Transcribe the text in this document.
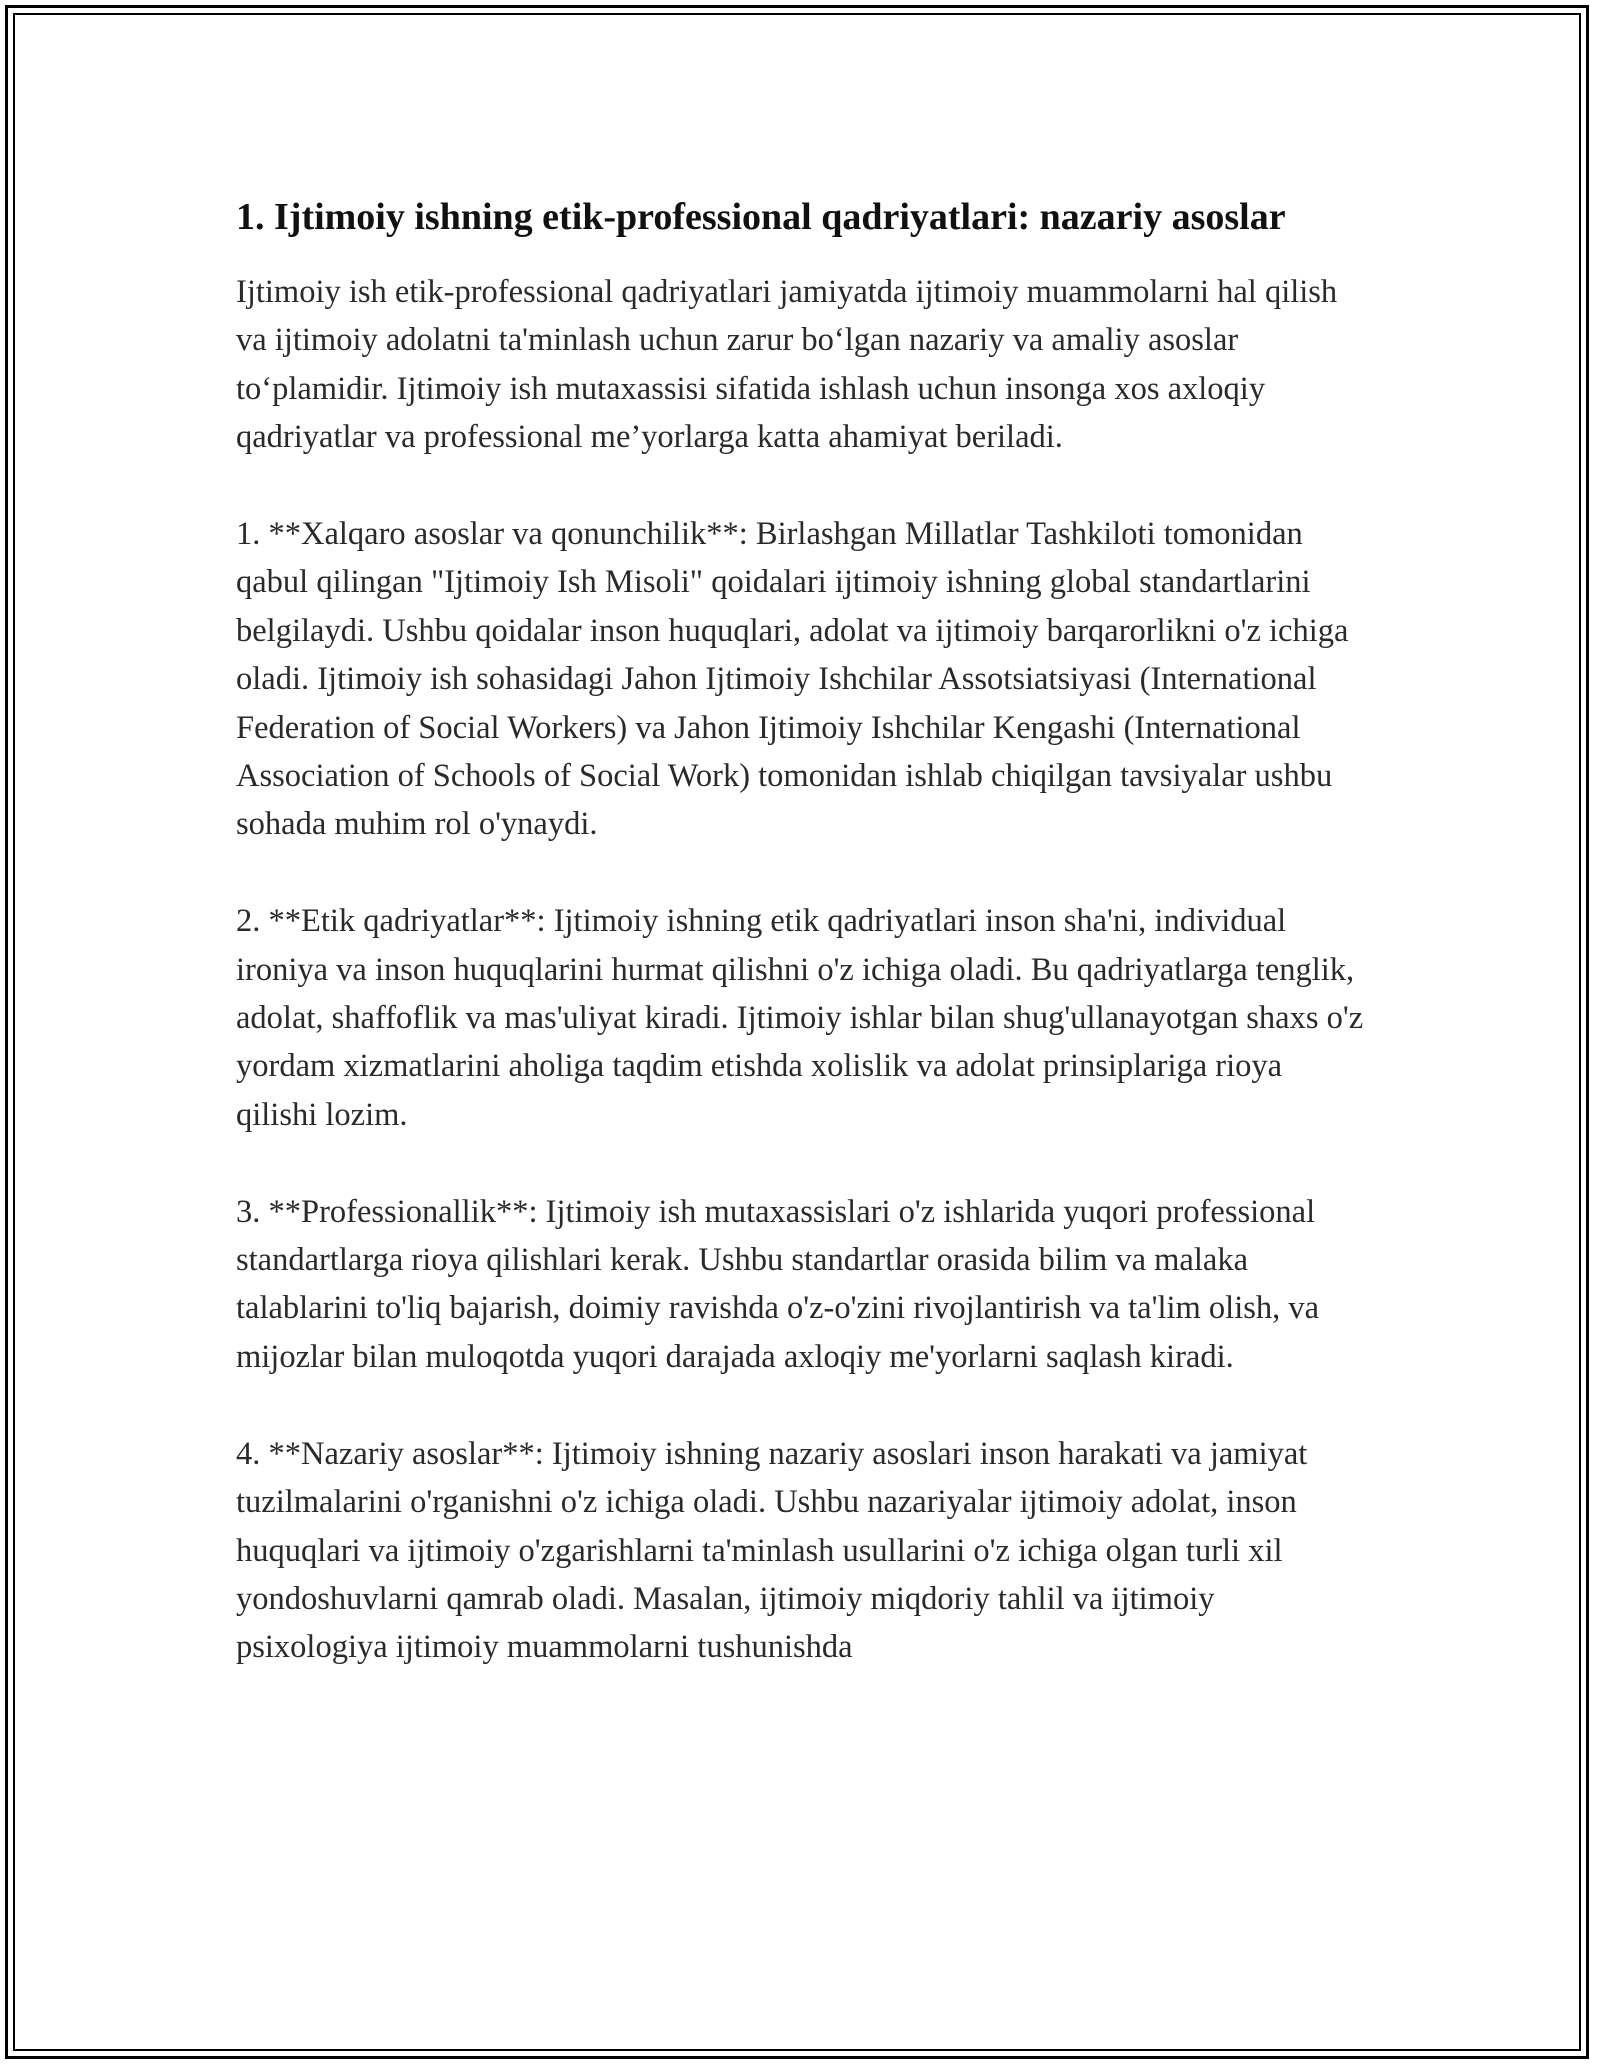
1. Ijtimoiy ishning etik-professional qadriyatlari: nazariy asoslar

Ijtimoiy ish etik-professional qadriyatlari jamiyatda ijtimoiy muammolarni hal qilish va ijtimoiy adolatni ta'minlash uchun zarur bo‘lgan nazariy va amaliy asoslar to‘plamidir. Ijtimoiy ish mutaxassisi sifatida ishlash uchun insonga xos axloqiy qadriyatlar va professional me’yorlarga katta ahamiyat beriladi.

1. **Xalqaro asoslar va qonunchilik**: Birlashgan Millatlar Tashkiloti tomonidan qabul qilingan "Ijtimoiy Ish Misoli" qoidalari ijtimoiy ishning global standartlarini belgilaydi. Ushbu qoidalar inson huquqlari, adolat va ijtimoiy barqarorlikni o'z ichiga oladi. Ijtimoiy ish sohasidagi Jahon Ijtimoiy Ishchilar Assotsiatsiyasi (International Federation of Social Workers) va Jahon Ijtimoiy Ishchilar Kengashi (International Association of Schools of Social Work) tomonidan ishlab chiqilgan tavsiyalar ushbu sohada muhim rol o'ynaydi.

2. **Etik qadriyatlar**: Ijtimoiy ishning etik qadriyatlari inson sha'ni, individual ironiya va inson huquqlarini hurmat qilishni o'z ichiga oladi. Bu qadriyatlarga tenglik, adolat, shaffoflik va mas'uliyat kiradi. Ijtimoiy ishlar bilan shug'ullanayotgan shaxs o'z yordam xizmatlarini aholiga taqdim etishda xolislik va adolat prinsiplariga rioya qilishi lozim.

3. **Professionallik**: Ijtimoiy ish mutaxassislari o'z ishlarida yuqori professional standartlarga rioya qilishlari kerak. Ushbu standartlar orasida bilim va malaka talablarini to'liq bajarish, doimiy ravishda o'z-o'zini rivojlantirish va ta'lim olish, va mijozlar bilan muloqotda yuqori darajada axloqiy me'yorlarni saqlash kiradi.

4. **Nazariy asoslar**: Ijtimoiy ishning nazariy asoslari inson harakati va jamiyat tuzilmalarini o'rganishni o'z ichiga oladi. Ushbu nazariyalar ijtimoiy adolat, inson huquqlari va ijtimoiy o'zgarishlarni ta'minlash usullarini o'z ichiga olgan turli xil yondoshuvlarni qamrab oladi. Masalan, ijtimoiy miqdoriy tahlil va ijtimoiy psixologiya ijtimoiy muammolarni tushunishda
